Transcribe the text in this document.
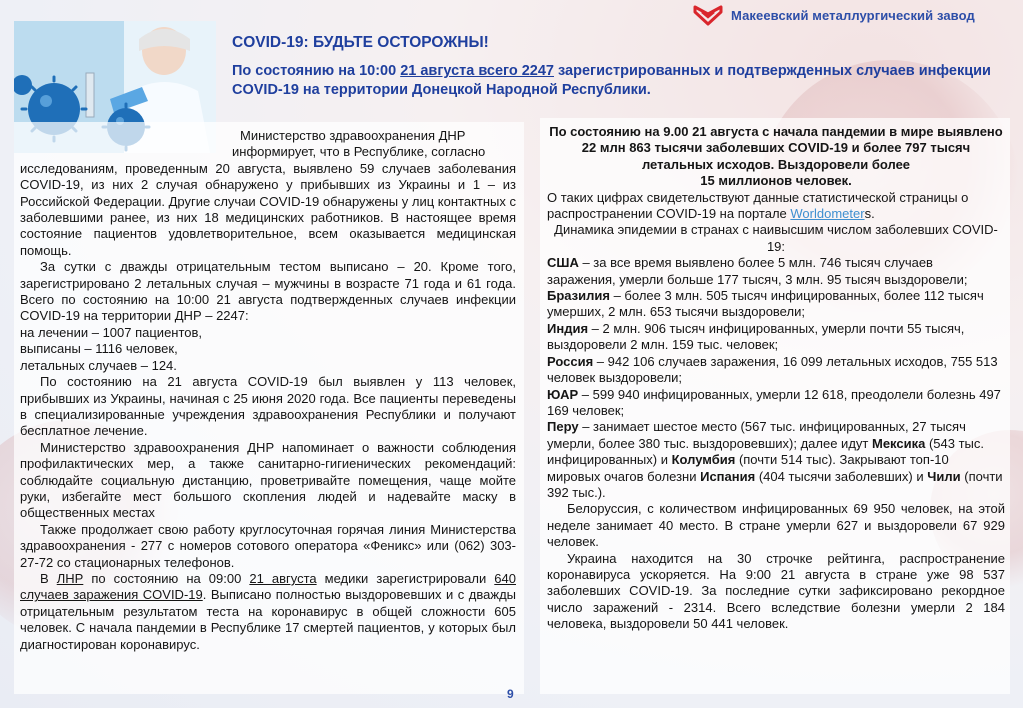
Макеевский металлургический завод
COVID-19: БУДЬТЕ ОСТОРОЖНЫ!
По состоянию на 10:00 21 августа всего 2247 зарегистрированных и подтвержденных случаев инфекции COVID-19 на территории Донецкой Народной Республики.

Министерство здравоохранения ДНР

информирует, что в Республике, согласно

исследованиям, проведенным 20 августа, выявлено 59 случаев заболевания COVID-19, из них 2 случая обнаружено у прибывших из Украины и 1 – из Российской Федерации. Другие случаи COVID-19 обнаружены у лиц контактных с заболевшими ранее, из них 18 медицинских работников. В настоящее время состояние пациентов удовлетворительное, всем оказывается медицинская помощь.

За сутки с дважды отрицательным тестом выписано – 20. Кроме того, зарегистрировано 2 летальных случая – мужчины в возрасте 71 года и 61 года. Всего по состоянию на 10:00 21 августа подтвержденных случаев инфекции COVID-19 на территории ДНР – 2247:

на лечении – 1007 пациентов,

выписаны – 1116 человек,

летальных случаев – 124.

По состоянию на 21 августа COVID-19 был выявлен у 113 человек, прибывших из Украины, начиная с 25 июня 2020 года. Все пациенты переведены в специализированные учреждения здравоохранения Республики и получают бесплатное лечение.

Министерство здравоохранения ДНР напоминает о важности соблюдения профилактических мер, а также санитарно-гигиенических рекомендаций: соблюдайте социальную дистанцию, проветривайте помещения, чаще мойте руки, избегайте мест большого скопления людей и надевайте маску в общественных местах

Также продолжает свою работу круглосуточная горячая линия Министерства здравоохранения - 277 с номеров сотового оператора «Феникс» или (062) 303-27-72 со стационарных телефонов.

В ЛНР по состоянию на 09:00 21 августа медики зарегистрировали 640 случаев заражения COVID-19. Выписано полностью выздоровевших и с дважды отрицательным результатом теста на коронавирус в общей сложности 605 человек. С начала пандемии в Республике 17 смертей пациентов, у которых был диагностирован коронавирус.

По состоянию на 9.00 21 августа с начала пандемии в мире выявлено 22 млн 863 тысячи заболевших COVID-19 и более 797 тысяч летальных исходов. Выздоровели более

15 миллионов человек.

О таких цифрах свидетельствуют данные статистической страницы о распространении COVID-19 на портале Worldometers.

Динамика эпидемии в странах с наивысшим числом заболевших COVID-19:

США – за все время выявлено более 5 млн. 746 тысяч случаев заражения, умерли больше 177 тысяч, 3 млн. 95 тысяч выздоровели;

Бразилия – более 3 млн. 505 тысяч инфицированных, более 112 тысяч умерших, 2 млн. 653 тысячи выздоровели;

Индия – 2 млн. 906 тысяч инфицированных, умерли почти 55 тысяч, выздоровели 2 млн. 159 тыс. человек;

Россия – 942 106 случаев заражения, 16 099 летальных исходов, 755 513 человек выздоровели;

ЮАР – 599 940 инфицированных, умерли 12 618, преодолели болезнь 497 169 человек;

Перу – занимает шестое место (567 тыс. инфицированных, 27 тысяч умерли, более 380 тыс. выздоровевших); далее идут Мексика (543 тыс. инфицированных) и Колумбия (почти 514 тыс). Закрывают топ-10 мировых очагов болезни Испания (404 тысячи заболевших) и Чили (почти 392 тыс.).

Белоруссия, с количеством инфицированных 69 950 человек, на этой неделе занимает 40 место. В стране умерли 627 и выздоровели 67 929 человек.

Украина находится на 30 строчке рейтинга, распространение коронавируса ускоряется. На 9:00 21 августа в стране уже 98 537 заболевших COVID-19. За последние сутки зафиксировано рекордное число заражений - 2314. Всего вследствие болезни умерли 2 184 человека, выздоровели 50 441 человек.

9
